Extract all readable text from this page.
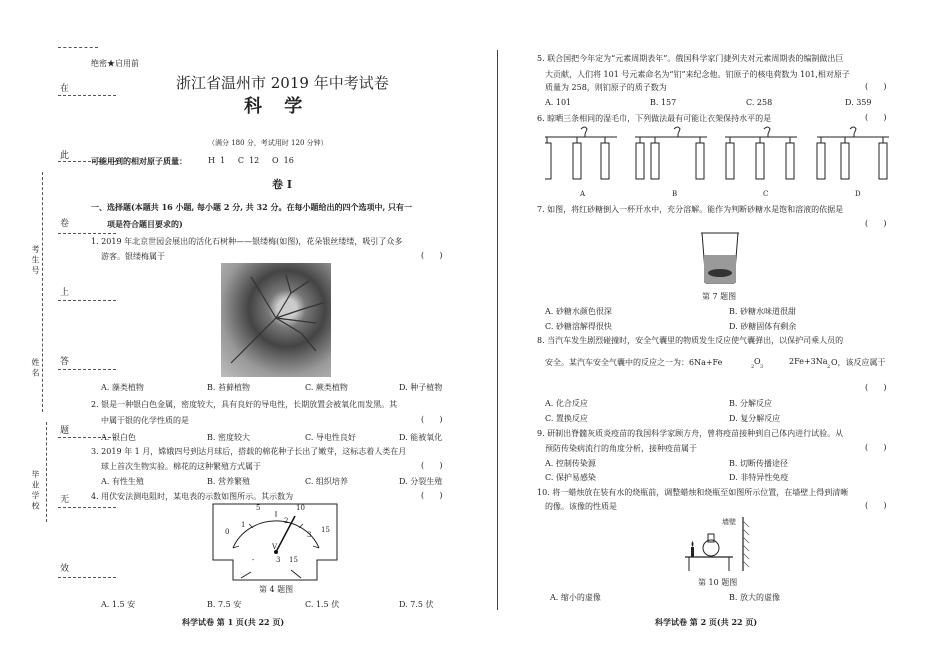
绝密★启用前
在
此
卷
上
答
题
无
效
考 生 号
姓 名
毕 业 学 校
浙江省温州市 2019 年中考试卷
科 学
（满分 180 分，考试用时 120 分钟）
可能用到的相对原子质量：	H  1     C  12     O  16
卷 I
一、选择题(本题共 16 小题, 每小题 2 分, 共 32 分。在每小题给出的四个选项中, 只有一
项是符合题目要求的)
1. 2019 年北京世园会展出的活化石树种——银缕梅(如图)，花朵银丝缕缕，吸引了众多
游客。银缕梅属于	(      )
A. 藻类植物	B. 苔藓植物	C. 蕨类植物	D. 种子植物
2. 银是一种银白色金属，密度较大，具有良好的导电性，长期放置会被氧化而发黑。其
中属于银的化学性质的是	(      )
A. 银白色	B. 密度较大	C. 导电性良好	D. 能被氧化
3. 2019 年 1 月，嫦娥四号到达月球后，搭载的棉花种子长出了嫩芽，这标志着人类在月
球上首次生物实验。棉花的这种繁殖方式属于	(      )
A. 有性生殖	B. 营养繁殖	C. 组织培养	D. 分裂生殖
4. 用伏安法测电阻时，某电表的示数如图所示。其示数为	(      )
0
5	10
15
1	2
3
V
-	3 15
第 4 题图
A. 1.5 安	B. 7.5 安	C. 1.5 伏	D. 7.5 伏
科学试卷 第 1 页(共 22 页)
5. 联合国把今年定为“元素周期表年”。俄国科学家门捷列夫对元素周期表的编制做出巨
大贡献，人们将 101 号元素命名为“钔”来纪念他。钔原子的核电荷数为 101,相对原子
质量为 258，则钔原子的质子数为	(      )
A. 101	B. 157	C. 258	D. 359
6. 晾晒三条相同的湿毛巾，下列做法最有可能让衣架保持水平的是	(      )
A	B	C	D
7. 如图，将红砂糖倒入一杯开水中，充分溶解。能作为判断砂糖水是饱和溶液的依据是
(      )
第 7 题图
A. 砂糖水颜色很深	B. 砂糖水味道很甜
C. 砂糖溶解得很快	D. 砂糖固体有剩余
8. 当汽车发生剧烈碰撞时，安全气囊里的物质发生反应使气囊弹出，以保护司乘人员的
安全。某汽车安全气囊中的反应之一为：6Na+Fe	2
O
3
2Fe+3Na
2 O，该反应属于
(      )
A. 化合反应	B. 分解反应
C. 置换反应	D. 复分解反应
9. 研制出脊髓灰质炎疫苗的我国科学家顾方舟，曾将疫苗接种到自己体内进行试验。从
预防传染病流行的角度分析，接种疫苗属于	(      )
A. 控制传染源	B. 切断传播途径
C. 保护易感染	D. 非特异性免疫
10. 将一蜡烛放在装有水的烧瓶前，调整蜡烛和烧瓶至如图所示位置，在墙壁上得到清晰
的像。该像的性质是	(      )
墙壁
第 10 题图
A. 缩小的虚像	B. 放大的虚像
科学试卷 第 2 页(共 22 页)
